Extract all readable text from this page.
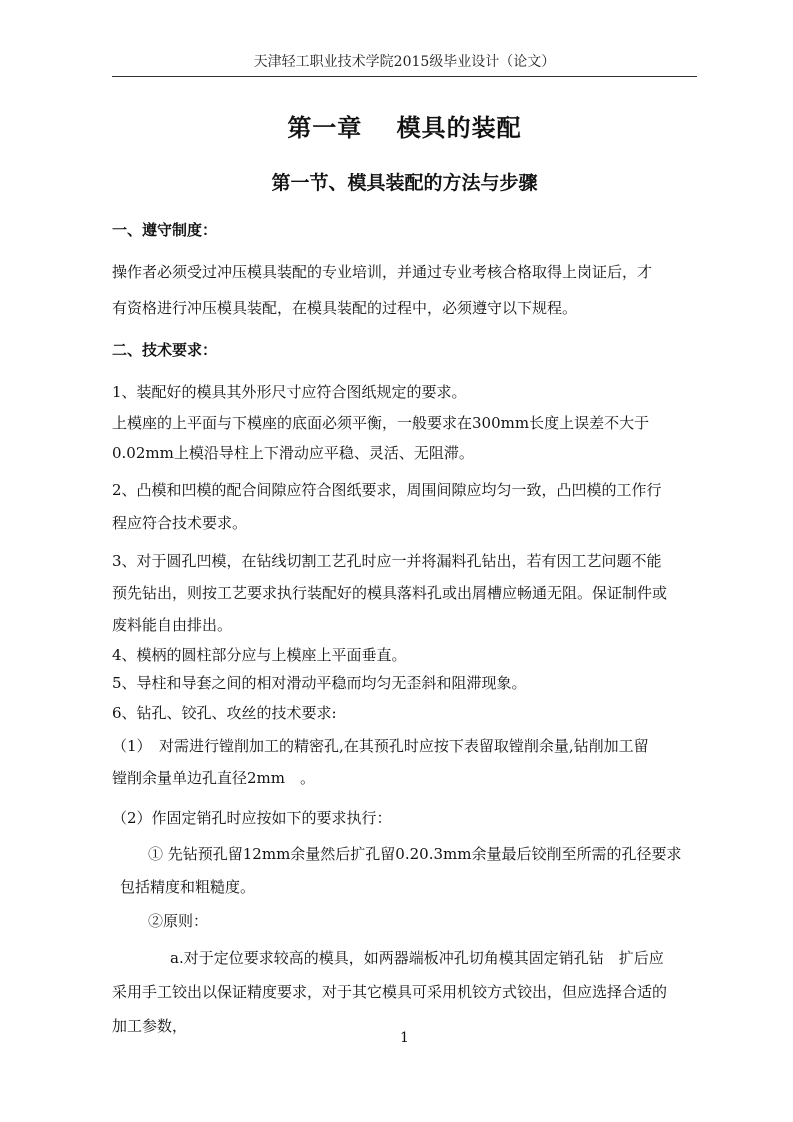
天津轻工职业技术学院2015级毕业设计（论文）
第一章　 模具的装配
第一节、模具装配的方法与步骤
一、遵守制度：
操作者必须受过冲压模具装配的专业培训，并通过专业考核合格取得上岗证后，才
有资格进行冲压模具装配，在模具装配的过程中，必须遵守以下规程。
二、技术要求：
1、装配好的模具其外形尺寸应符合图纸规定的要求。
上模座的上平面与下模座的底面必须平衡，一般要求在300mm长度上误差不大于
0.02mm上模沿导柱上下滑动应平稳、灵活、无阻滞。
2、凸模和凹模的配合间隙应符合图纸要求，周围间隙应均匀一致，凸凹模的工作行
程应符合技术要求。
3、对于圆孔凹模，在钻线切割工艺孔时应一并将漏料孔钻出，若有因工艺问题不能
预先钻出，则按工艺要求执行装配好的模具落料孔或出屑槽应畅通无阻。保证制件或
废料能自由排出。
4、模柄的圆柱部分应与上模座上平面垂直。
5、导柱和导套之间的相对滑动平稳而均匀无歪斜和阻滞现象。
6、钻孔、铰孔、攻丝的技术要求:
（1）　对需进行镗削加工的精密孔,在其预孔时应按下表留取镗削余量,钻削加工留
镗削余量单边孔直径2mm　。
（2）作固定销孔时应按如下的要求执行：
① 先钻预孔留12mm余量然后扩孔留0.20.3mm余量最后铰削至所需的孔径要求
包括精度和粗糙度。
②原则：
a.对于定位要求较高的模具，如两器端板冲孔切角模其固定销孔钻　扩后应
采用手工铰出以保证精度要求，对于其它模具可采用机铰方式铰出，但应选择合适的
加工参数，
1
